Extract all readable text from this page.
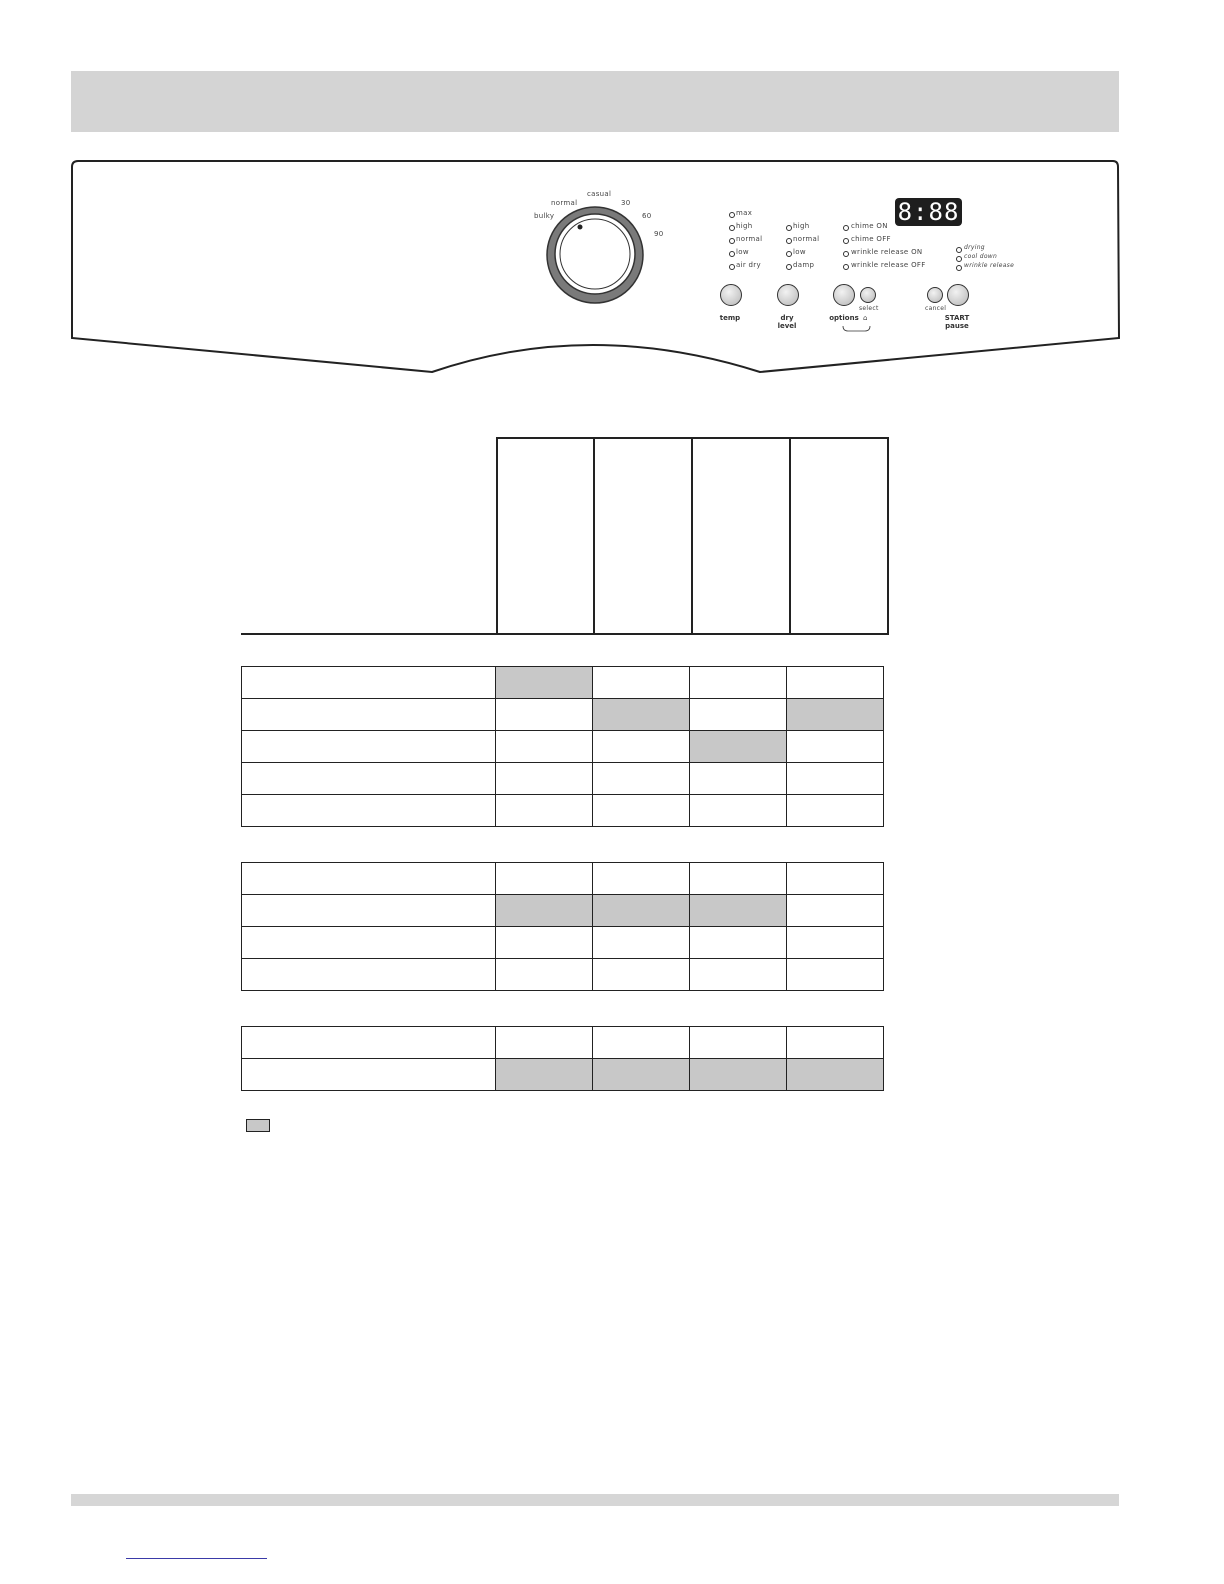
bulky
normal
casual
30
60
90
max
high
normal
low
air dry
high
normal
low
damp
chime ON
chime OFF
wrinkle release ON
wrinkle release OFF
drying
cool down
wrinkle release
8:88
temp	dry
level
options
select
⌂
cancel
START
pause
